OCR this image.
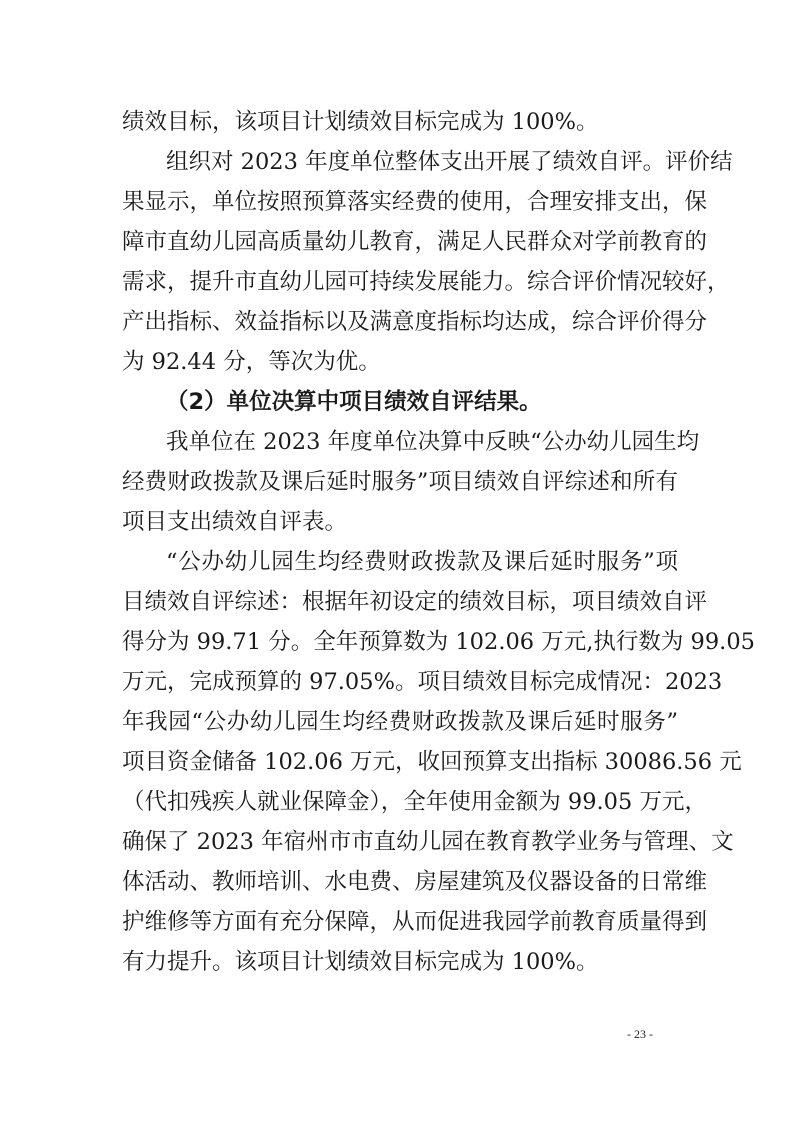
绩效目标，该项目计划绩效目标完成为 100%。
组织对 2023 年度单位整体支出开展了绩效自评。评价结
果显示，单位按照预算落实经费的使用，合理安排支出，保
障市直幼儿园高质量幼儿教育，满足人民群众对学前教育的
需求，提升市直幼儿园可持续发展能力。综合评价情况较好，
产出指标、效益指标以及满意度指标均达成，综合评价得分
为 92.44 分，等次为优。
（2）单位决算中项目绩效自评结果。
我单位在 2023 年度单位决算中反映“公办幼儿园生均
经费财政拨款及课后延时服务”项目绩效自评综述和所有
项目支出绩效自评表。
“公办幼儿园生均经费财政拨款及课后延时服务”项
目绩效自评综述：根据年初设定的绩效目标，项目绩效自评
得分为 99.71 分。全年预算数为 102.06 万元,执行数为 99.05
万元，完成预算的 97.05%。项目绩效目标完成情况：2023
年我园“公办幼儿园生均经费财政拨款及课后延时服务”
项目资金储备 102.06 万元，收回预算支出指标 30086.56 元
（代扣残疾人就业保障金），全年使用金额为 99.05 万元，
确保了 2023 年宿州市市直幼儿园在教育教学业务与管理、文
体活动、教师培训、水电费、房屋建筑及仪器设备的日常维
护维修等方面有充分保障，从而促进我园学前教育质量得到
有力提升。该项目计划绩效目标完成为 100%。
- 23 -
